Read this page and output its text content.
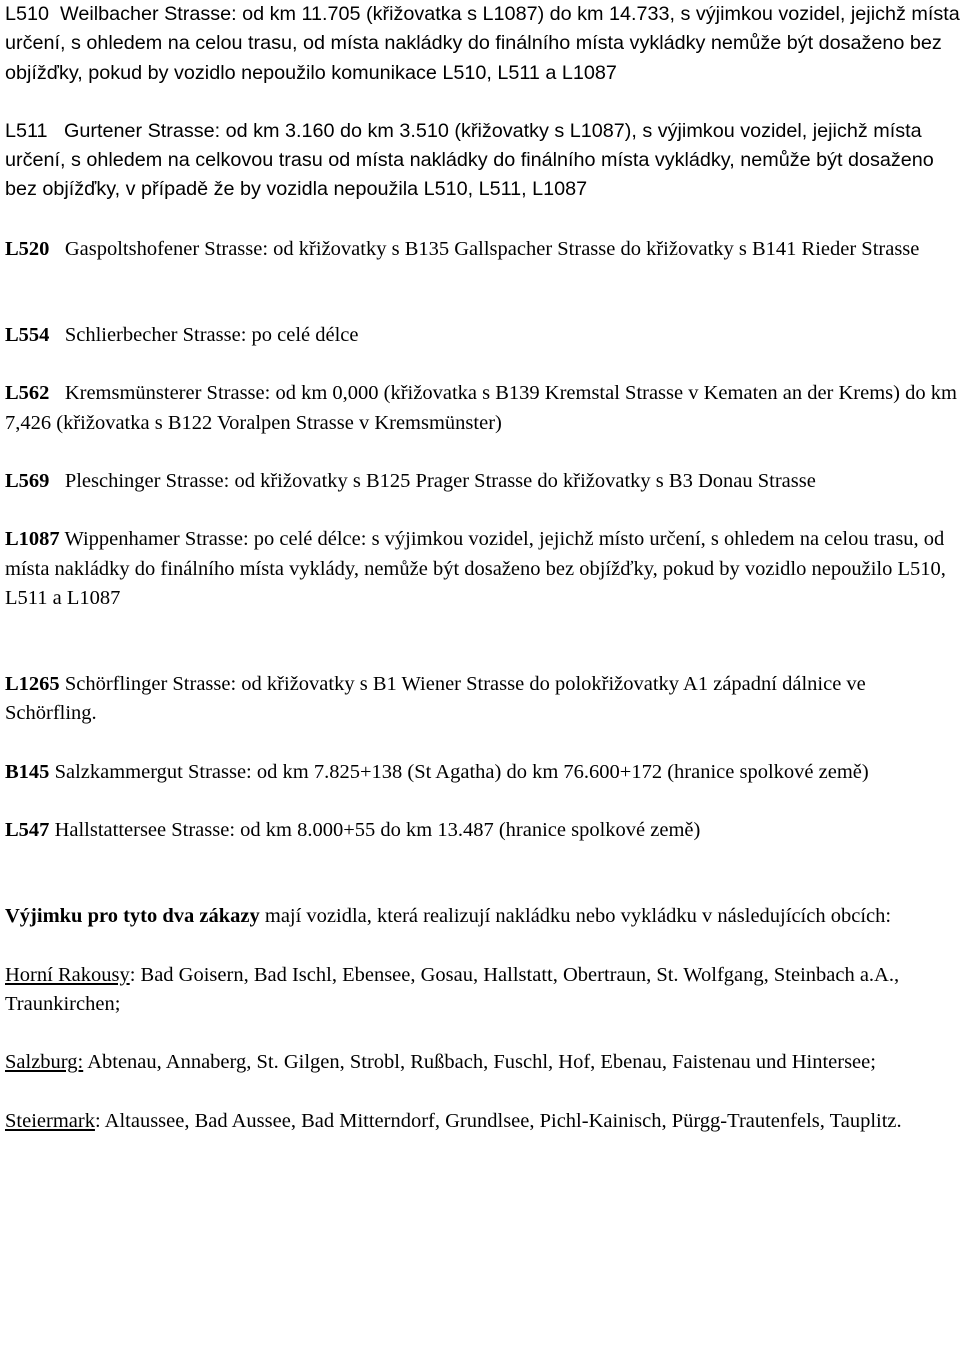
L510 Weilbacher Strasse: od km 11.705 (křižovatka s L1087) do km 14.733, s výjimkou vozidel, jejichž místa určení, s ohledem na celou trasu, od místa nakládky do finálního místa vykládky nemůže být dosaženo bez objížďky, pokud by vozidlo nepoužilo komunikace L510, L511 a L1087

L511 Gurtener Strasse: od km 3.160 do km 3.510 (křižovatky s L1087), s výjimkou vozidel, jejichž místa určení, s ohledem na celkovou trasu od místa nakládky do finálního místa vykládky, nemůže být dosaženo bez objížďky, v případě že by vozidla nepoužila L510, L511, L1087

L520 Gaspoltshofener Strasse: od křižovatky s B135 Gallspacher Strasse do křižovatky s B141 Rieder Strasse

L554 Schlierbecher Strasse: po celé délce

L562 Kremsmünsterer Strasse: od km 0,000 (křižovatka s B139 Kremstal Strasse v Kematen an der Krems) do km 7,426 (křižovatka s B122 Voralpen Strasse v Kremsmünster)

L569 Pleschinger Strasse: od křižovatky s B125 Prager Strasse do křižovatky s B3 Donau Strasse

L1087 Wippenhamer Strasse: po celé délce: s výjimkou vozidel, jejichž místo určení, s ohledem na celou trasu, od místa nakládky do finálního místa vyklády, nemůže být dosaženo bez objížďky, pokud by vozidlo nepoužilo L510, L511 a L1087

L1265 Schörflinger Strasse: od křižovatky s B1 Wiener Strasse do polokřižovatky A1 západní dálnice ve Schörfling.

B145 Salzkammergut Strasse: od km 7.825+138 (St Agatha) do km 76.600+172 (hranice spolkové země)

L547 Hallstattersee Strasse: od km 8.000+55 do km 13.487 (hranice spolkové země)

Výjimku pro tyto dva zákazy mají vozidla, která realizují nakládku nebo vykládku v následujících obcích:

Horní Rakousy: Bad Goisern, Bad Ischl, Ebensee, Gosau, Hallstatt, Obertraun, St. Wolfgang, Steinbach a.A., Traunkirchen;

Salzburg: Abtenau, Annaberg, St. Gilgen, Strobl, Rußbach, Fuschl, Hof, Ebenau, Faistenau und Hintersee;

Steiermark: Altaussee, Bad Aussee, Bad Mitterndorf, Grundlsee, Pichl-Kainisch, Pürgg-Trautenfels, Tauplitz.
